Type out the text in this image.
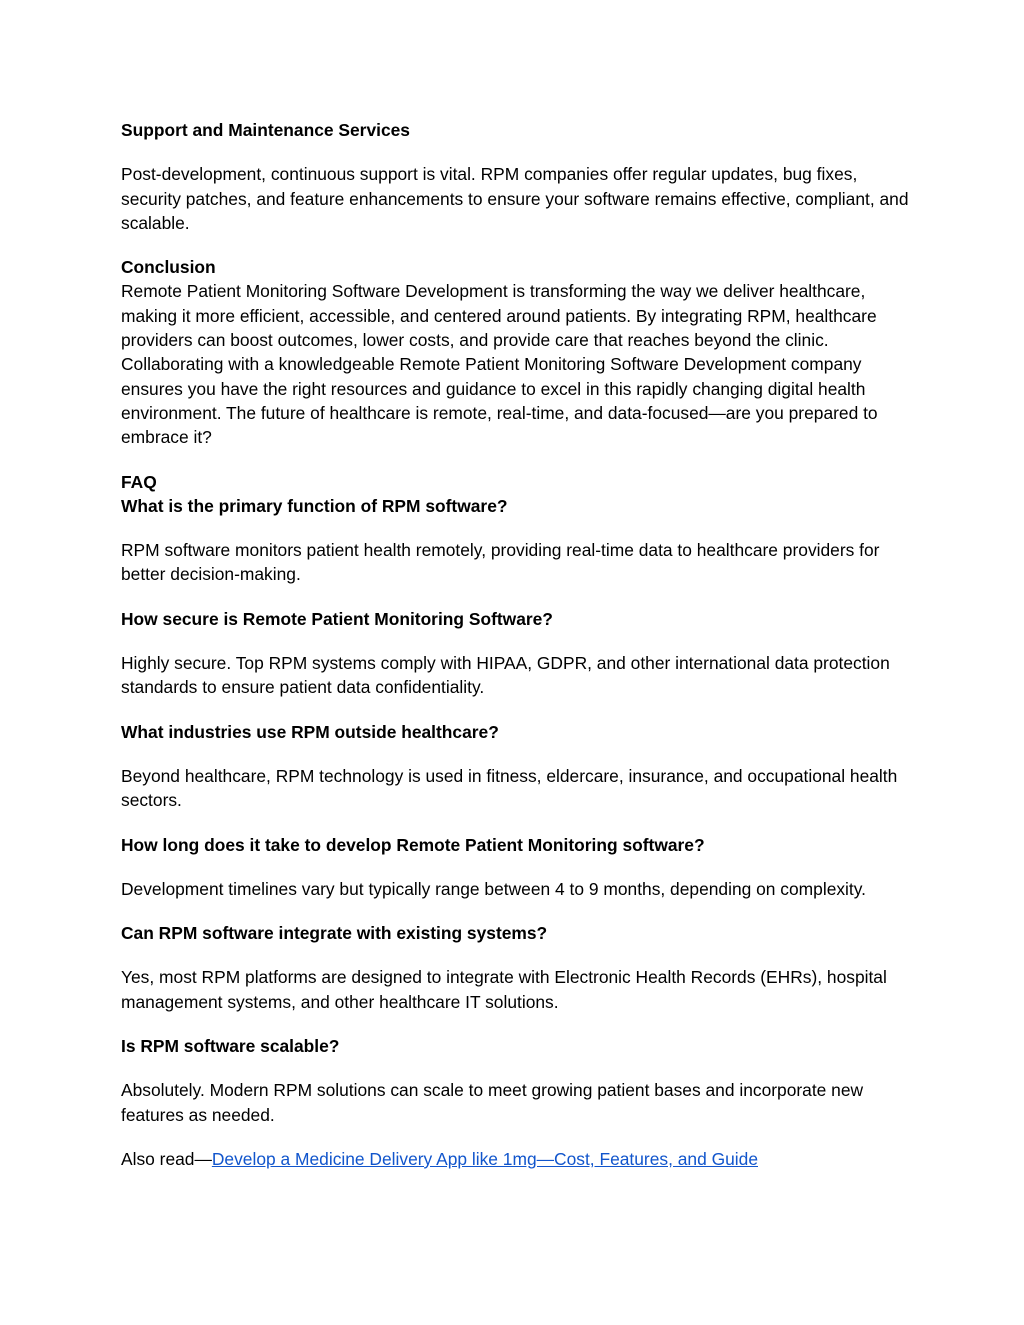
Support and Maintenance Services

Post-development, continuous support is vital. RPM companies offer regular updates, bug fixes, security patches, and feature enhancements to ensure your software remains effective, compliant, and scalable.

Conclusion

Remote Patient Monitoring Software Development is transforming the way we deliver healthcare, making it more efficient, accessible, and centered around patients. By integrating RPM, healthcare providers can boost outcomes, lower costs, and provide care that reaches beyond the clinic. Collaborating with a knowledgeable Remote Patient Monitoring Software Development company ensures you have the right resources and guidance to excel in this rapidly changing digital health environment. The future of healthcare is remote, real-time, and data-focused—are you prepared to embrace it?

FAQ

What is the primary function of RPM software?

RPM software monitors patient health remotely, providing real-time data to healthcare providers for better decision-making.

How secure is Remote Patient Monitoring Software?

Highly secure. Top RPM systems comply with HIPAA, GDPR, and other international data protection standards to ensure patient data confidentiality.

What industries use RPM outside healthcare?

Beyond healthcare, RPM technology is used in fitness, eldercare, insurance, and occupational health sectors.

How long does it take to develop Remote Patient Monitoring software?

Development timelines vary but typically range between 4 to 9 months, depending on complexity.

Can RPM software integrate with existing systems?

Yes, most RPM platforms are designed to integrate with Electronic Health Records (EHRs), hospital management systems, and other healthcare IT solutions.

Is RPM software scalable?

Absolutely. Modern RPM solutions can scale to meet growing patient bases and incorporate new features as needed.

Also read—Develop a Medicine Delivery App like 1mg—Cost, Features, and Guide
